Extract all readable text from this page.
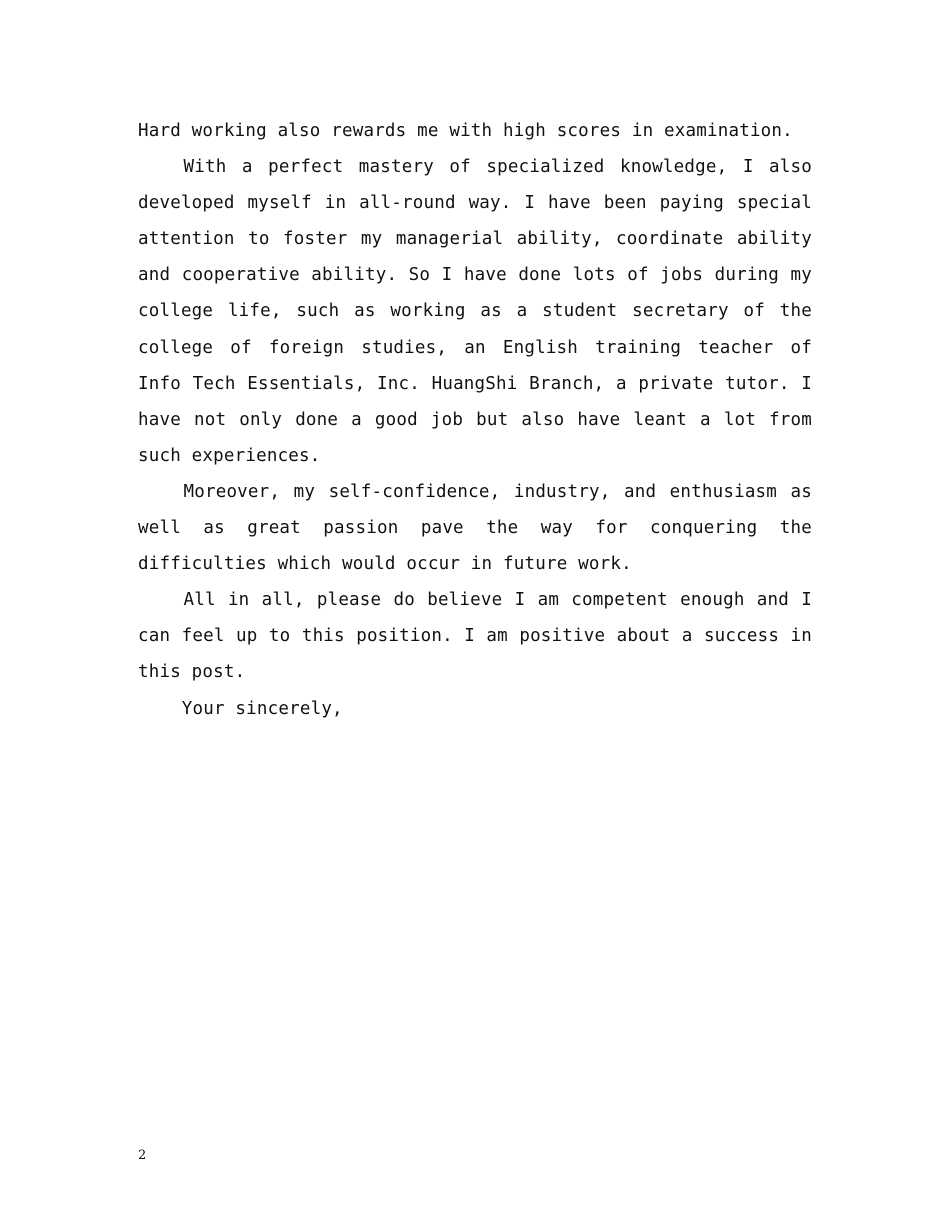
Hard working also rewards me with high scores in examination.

With a perfect mastery of specialized knowledge, I also developed myself in all-round way. I have been paying special attention to foster my managerial ability, coordinate ability and cooperative ability. So I have done lots of jobs during my college life, such as working as a student secretary of the college of foreign studies, an English training teacher of Info Tech Essentials, Inc. HuangShi Branch, a private tutor. I have not only done a good job but also have leant a lot from such experiences.

Moreover, my self-confidence, industry, and enthusiasm as well as great passion pave the way for conquering the difficulties which would occur in future work.

All in all, please do believe I am competent enough and I can feel up to this position. I am positive about a success in this post.

Your sincerely,

2
